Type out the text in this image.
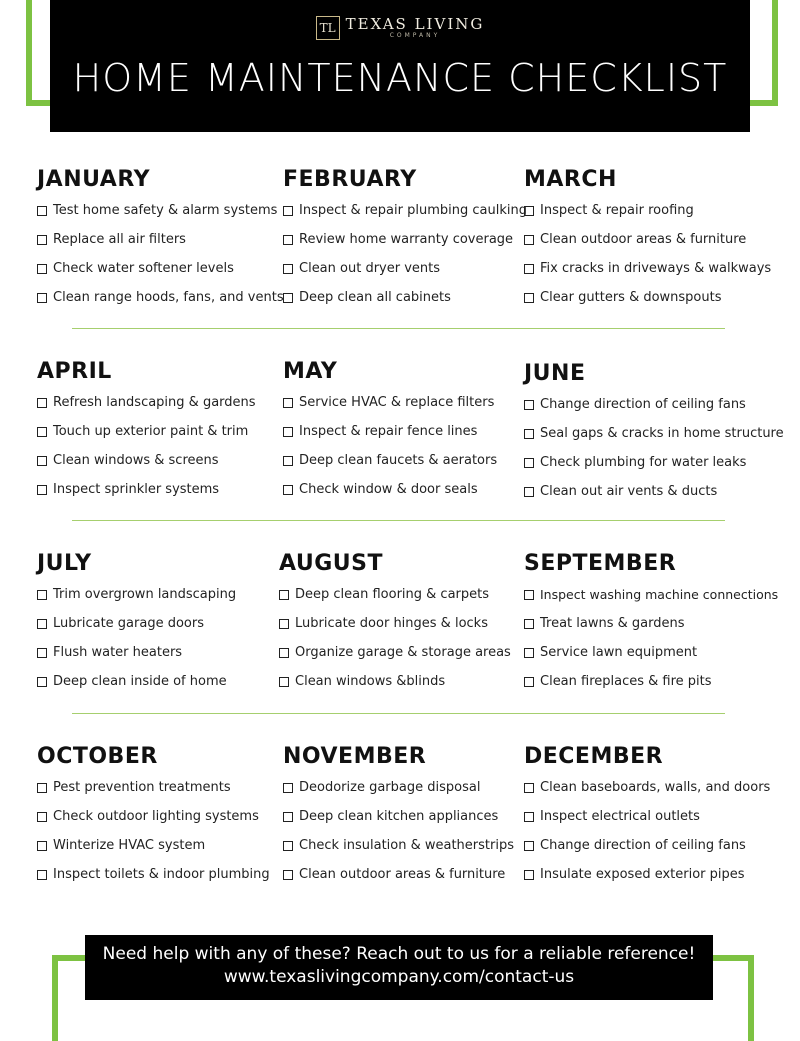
TL TEXAS LIVING
COMPANY
HOME MAINTENANCE CHECKLIST
JANUARY
Test home safety & alarm systems
Replace all air filters
Check water softener levels
Clean range hoods, fans, and vents
FEBRUARY
Inspect & repair plumbing caulking
Review home warranty coverage
Clean out dryer vents
Deep clean all cabinets
MARCH
Inspect & repair roofing
Clean outdoor areas & furniture
Fix cracks in driveways & walkways
Clear gutters & downspouts
APRIL
Refresh landscaping & gardens
Touch up exterior paint & trim
Clean windows & screens
Inspect sprinkler systems
MAY
Service HVAC & replace filters
Inspect & repair fence lines
Deep clean faucets & aerators
Check window & door seals
JUNE
Change direction of ceiling fans
Seal gaps & cracks in home structure
Check plumbing for water leaks
Clean out air vents & ducts
JULY
Trim overgrown landscaping
Lubricate garage doors
Flush water heaters
Deep clean inside of home
AUGUST
Deep clean flooring & carpets
Lubricate door hinges & locks
Organize garage & storage areas
Clean windows &blinds
SEPTEMBER
Inspect washing machine connections
Treat lawns & gardens
Service lawn equipment
Clean fireplaces & fire pits
OCTOBER
Pest prevention treatments
Check outdoor lighting systems
Winterize HVAC system
Inspect toilets & indoor plumbing
NOVEMBER
Deodorize garbage disposal
Deep clean kitchen appliances
Check insulation & weatherstrips
Clean outdoor areas & furniture
DECEMBER
Clean baseboards, walls, and doors
Inspect electrical outlets
Change direction of ceiling fans
Insulate exposed exterior pipes
Need help with any of these? Reach out to us for a reliable reference!
www.texaslivingcompany.com/contact-us
